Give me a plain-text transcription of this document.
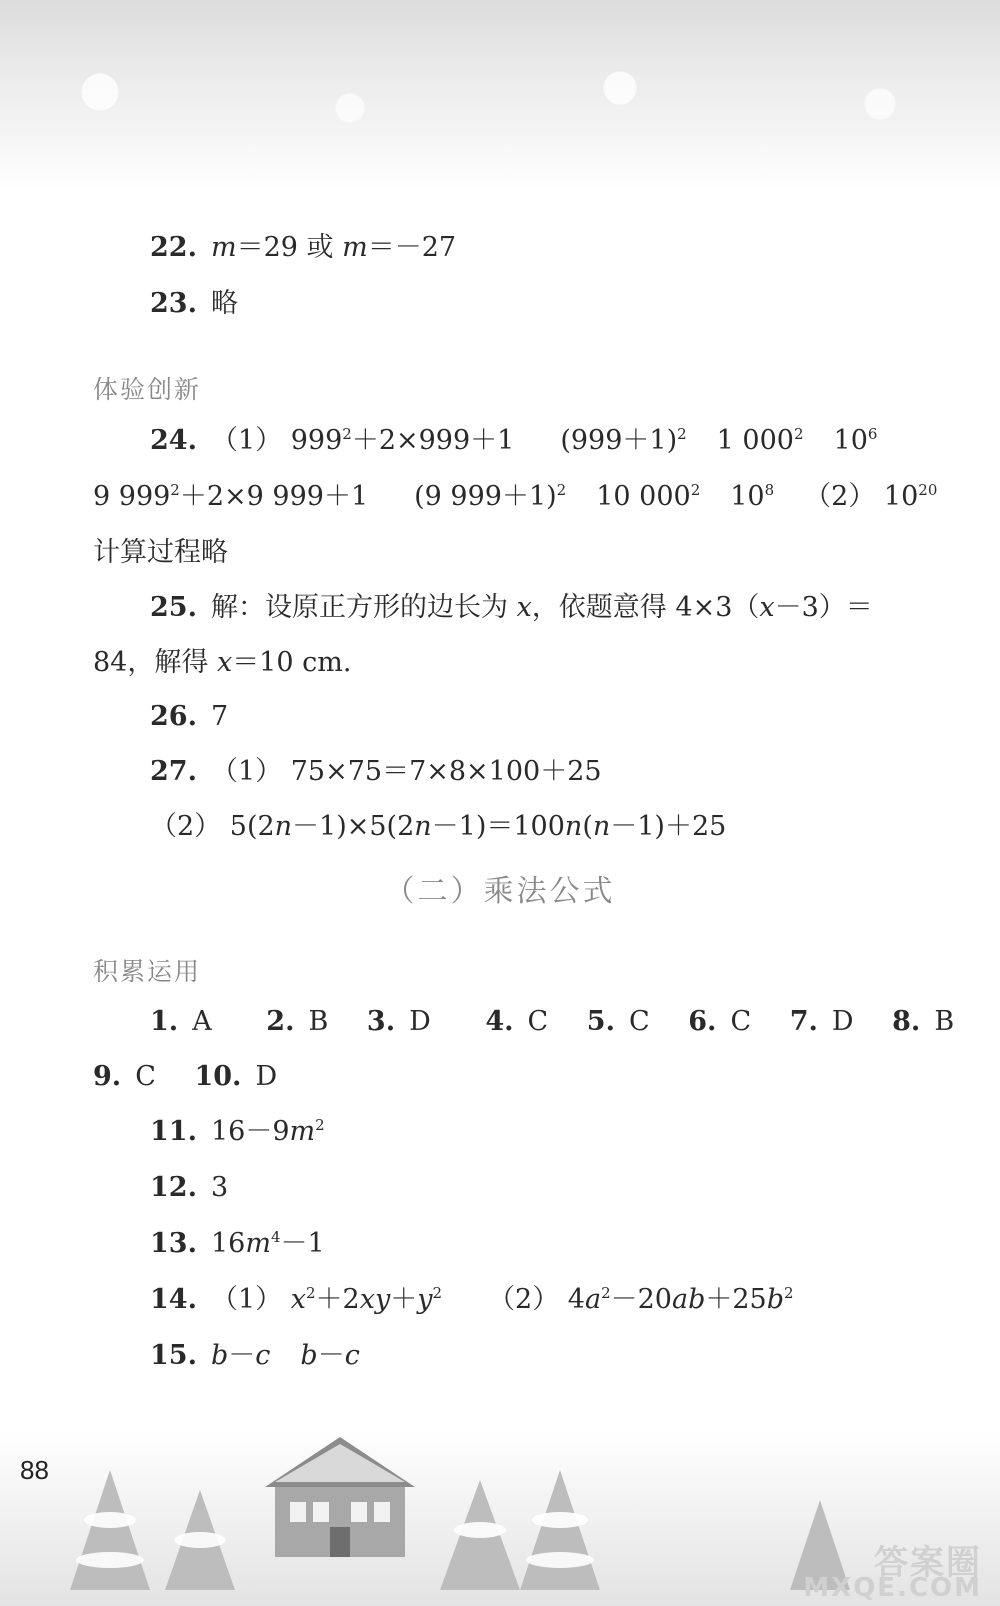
22. m＝29 或 m＝－27
23. 略
体验创新
24. （1） $999^2+2\times 999+1$ $(999+1)^2$ 1 $000^2$ $10^6$
9 $999^2+2\times 9$ 999＋1 (9 999＋1)$^2$ 10 $000^2$ $10^8$ （2） $10^{20}$
计算过程略
25. 解：设原正方形的边长为 x，依题意得 4×3（x－3）＝
84，解得 x＝10 cm.
26. 7
27. （1） 75×75＝7×8×100＋25
（2） 5(2n－1)×5(2n－1)＝100n(n－1)＋25
（二）乘法公式
积累运用
1. A 2. B 3. D 4. C 5. C 6. C 7. D 8. B
9. C 10. D
11. $16-9m^2$
12. 3
13. $16m^4-1$
14. （1） $x^2+2xy+y^2$ （2） $4a^2-20ab+25b^2$
15. b－c b－c
88
答案圈
MXQE.COM
